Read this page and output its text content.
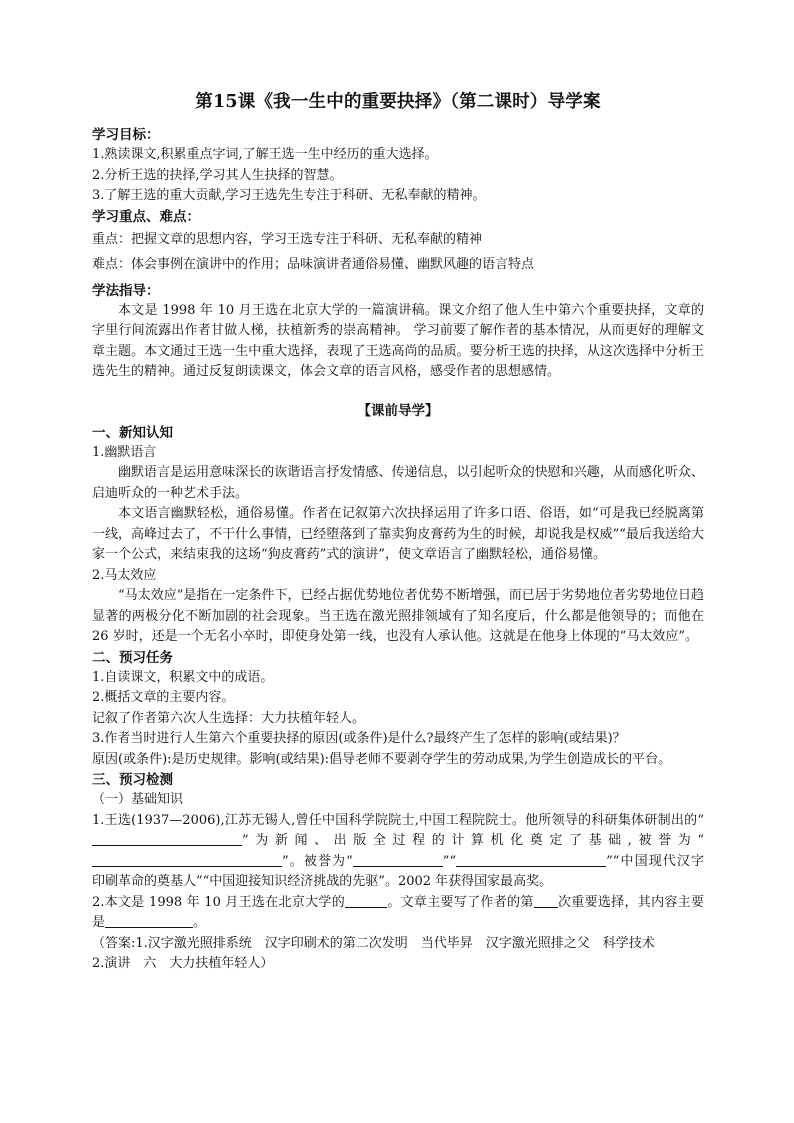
第15课《我一生中的重要抉择》（第二课时）导学案

学习目标：

1.熟读课文,积累重点字词,了解王选一生中经历的重大选择。

2.分析王选的抉择,学习其人生抉择的智慧。

3.了解王选的重大贡献,学习王选先生专注于科研、无私奉献的精神。

学习重点、难点：

重点：把握文章的思想内容，学习王选专注于科研、无私奉献的精神

难点：体会事例在演讲中的作用；品味演讲者通俗易懂、幽默风趣的语言特点

学法指导：

本文是 1998 年 10 月王选在北京大学的一篇演讲稿。课文介绍了他人生中第六个重要抉择，文章的字里行间流露出作者甘做人梯，扶植新秀的崇高精神。 学习前要了解作者的基本情况，从而更好的理解文章主题。本文通过王选一生中重大选择，表现了王选高尚的品质。要分析王选的抉择，从这次选择中分析王选先生的精神。通过反复朗读课文，体会文章的语言风格，感受作者的思想感情。

【课前导学】

一、新知认知

1.幽默语言

幽默语言是运用意味深长的诙谐语言抒发情感、传递信息，以引起听众的快慰和兴趣，从而感化听众、启迪听众的一种艺术手法。

本文语言幽默轻松，通俗易懂。作者在记叙第六次抉择运用了许多口语、俗语，如“可是我已经脱离第一线，高峰过去了，不干什么事情，已经堕落到了靠卖狗皮膏药为生的时候，却说我是权威”“最后我送给大家一个公式，来结束我的这场“狗皮膏药”式的演讲”，使文章语言了幽默轻松，通俗易懂。

2.马太效应

“马太效应”是指在一定条件下，已经占据优势地位者优势不断增强，而已居于劣势地位者劣势地位日趋显著的两极分化不断加剧的社会现象。当王选在激光照排领域有了知名度后，什么都是他领导的；而他在 26 岁时，还是一个无名小卒时，即使身处第一线，也没有人承认他。这就是在他身上体现的“马太效应”。

二、预习任务

1.自读课文，积累文中的成语。

2.概括文章的主要内容。

记叙了作者第六次人生选择：大力扶植年轻人。

3.作者当时进行人生第六个重要抉择的原因(或条件)是什么?最终产生了怎样的影响(或结果)？

原因(或条件):是历史规律。影响(或结果):倡导老师不要剥夺学生的劳动成果,为学生创造成长的平台。

三、预习检测

（一）基础知识

1.王选(1937—2006),江苏无锡人,曾任中国科学院院士,中国工程院院士。他所领导的科研集体研制出的“”为新闻、出版全过程的计算机化奠定了基础,被誉为“”。被誉为“	”“	”“中国现代汉字印刷革命的奠基人”“中国迎接知识经济挑战的先驱”。2002 年获得国家最高奖。

2.本文是 1998 年 10 月王选在北京大学的	。文章主要写了作者的第 次重要选择，其内容主要是	。

（答案:1.汉字激光照排系统　汉字印刷术的第二次发明　当代毕昇　汉字激光照排之父　科学技术

2.演讲　六　大力扶植年轻人）
